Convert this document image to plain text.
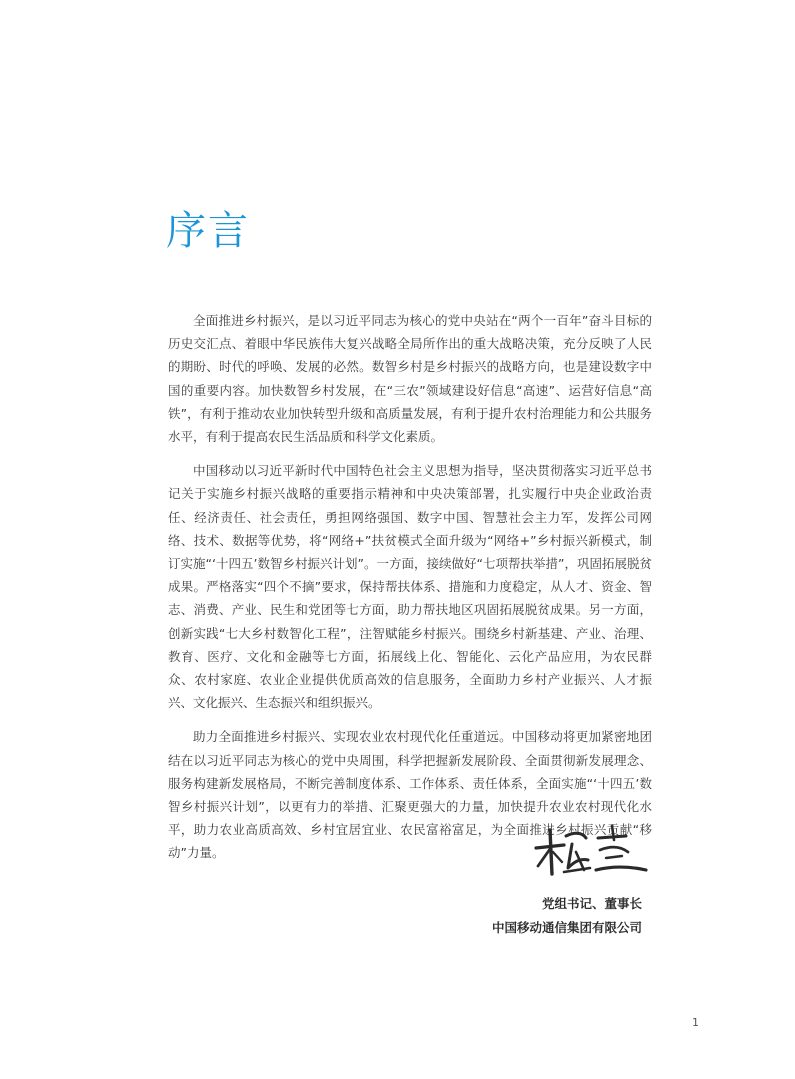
序言

全面推进乡村振兴，是以习近平同志为核心的党中央站在“两个一百年”奋斗目标的历史交汇点、着眼中华民族伟大复兴战略全局所作出的重大战略决策，充分反映了人民的期盼、时代的呼唤、发展的必然。数智乡村是乡村振兴的战略方向，也是建设数字中国的重要内容。加快数智乡村发展，在“三农”领域建设好信息“高速”、运营好信息“高铁”，有利于推动农业加快转型升级和高质量发展，有利于提升农村治理能力和公共服务水平，有利于提高农民生活品质和科学文化素质。

中国移动以习近平新时代中国特色社会主义思想为指导，坚决贯彻落实习近平总书记关于实施乡村振兴战略的重要指示精神和中央决策部署，扎实履行中央企业政治责任、经济责任、社会责任，勇担网络强国、数字中国、智慧社会主力军，发挥公司网络、技术、数据等优势，将“网络+”扶贫模式全面升级为“网络+”乡村振兴新模式，制订实施“‘十四五’数智乡村振兴计划”。一方面，接续做好“七项帮扶举措”，巩固拓展脱贫成果。严格落实“四个不摘”要求，保持帮扶体系、措施和力度稳定，从人才、资金、智志、消费、产业、民生和党团等七方面，助力帮扶地区巩固拓展脱贫成果。另一方面，创新实践“七大乡村数智化工程”，注智赋能乡村振兴。围绕乡村新基建、产业、治理、教育、医疗、文化和金融等七方面，拓展线上化、智能化、云化产品应用，为农民群众、农村家庭、农业企业提供优质高效的信息服务，全面助力乡村产业振兴、人才振兴、文化振兴、生态振兴和组织振兴。

助力全面推进乡村振兴、实现农业农村现代化任重道远。中国移动将更加紧密地团结在以习近平同志为核心的党中央周围，科学把握新发展阶段、全面贯彻新发展理念、服务构建新发展格局，不断完善制度体系、工作体系、责任体系，全面实施“‘十四五’数智乡村振兴计划”，以更有力的举措、汇聚更强大的力量，加快提升农业农村现代化水平，助力农业高质高效、乡村宜居宜业、农民富裕富足，为全面推进乡村振兴贡献“移动”力量。

党组书记、董事长
中国移动通信集团有限公司
1
